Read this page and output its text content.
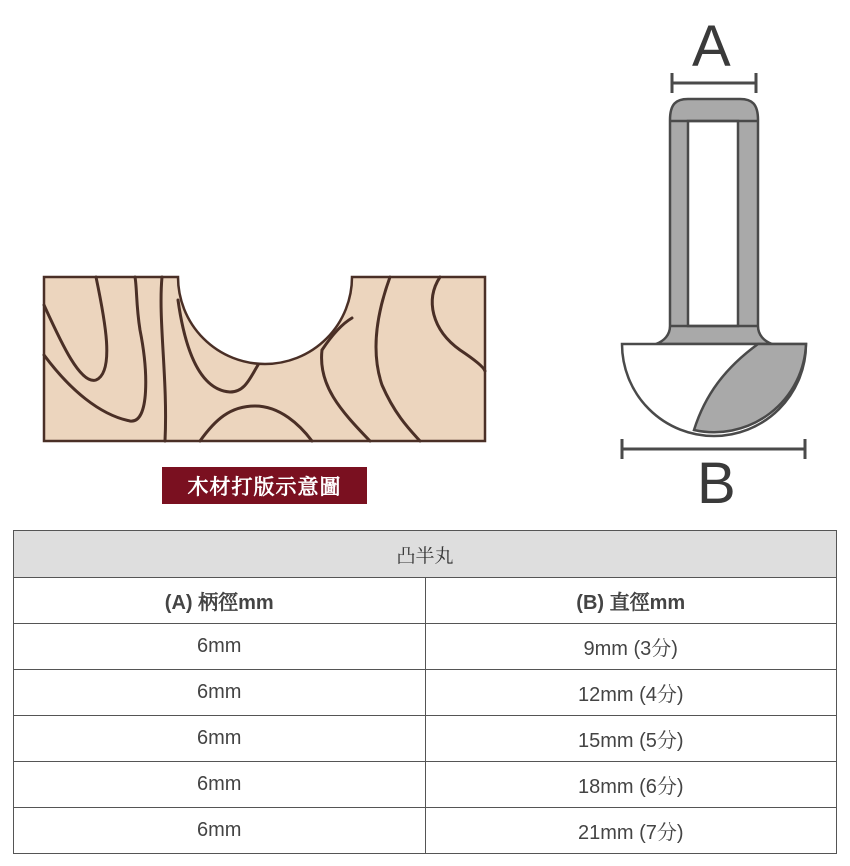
A
B
木材打版示意圖
凸半丸	
(A) 柄徑mm	(B) 直徑mm
6mm	9mm (3分)
6mm	12mm (4分)
6mm	15mm (5分)
6mm	18mm (6分)
6mm	21mm (7分)
